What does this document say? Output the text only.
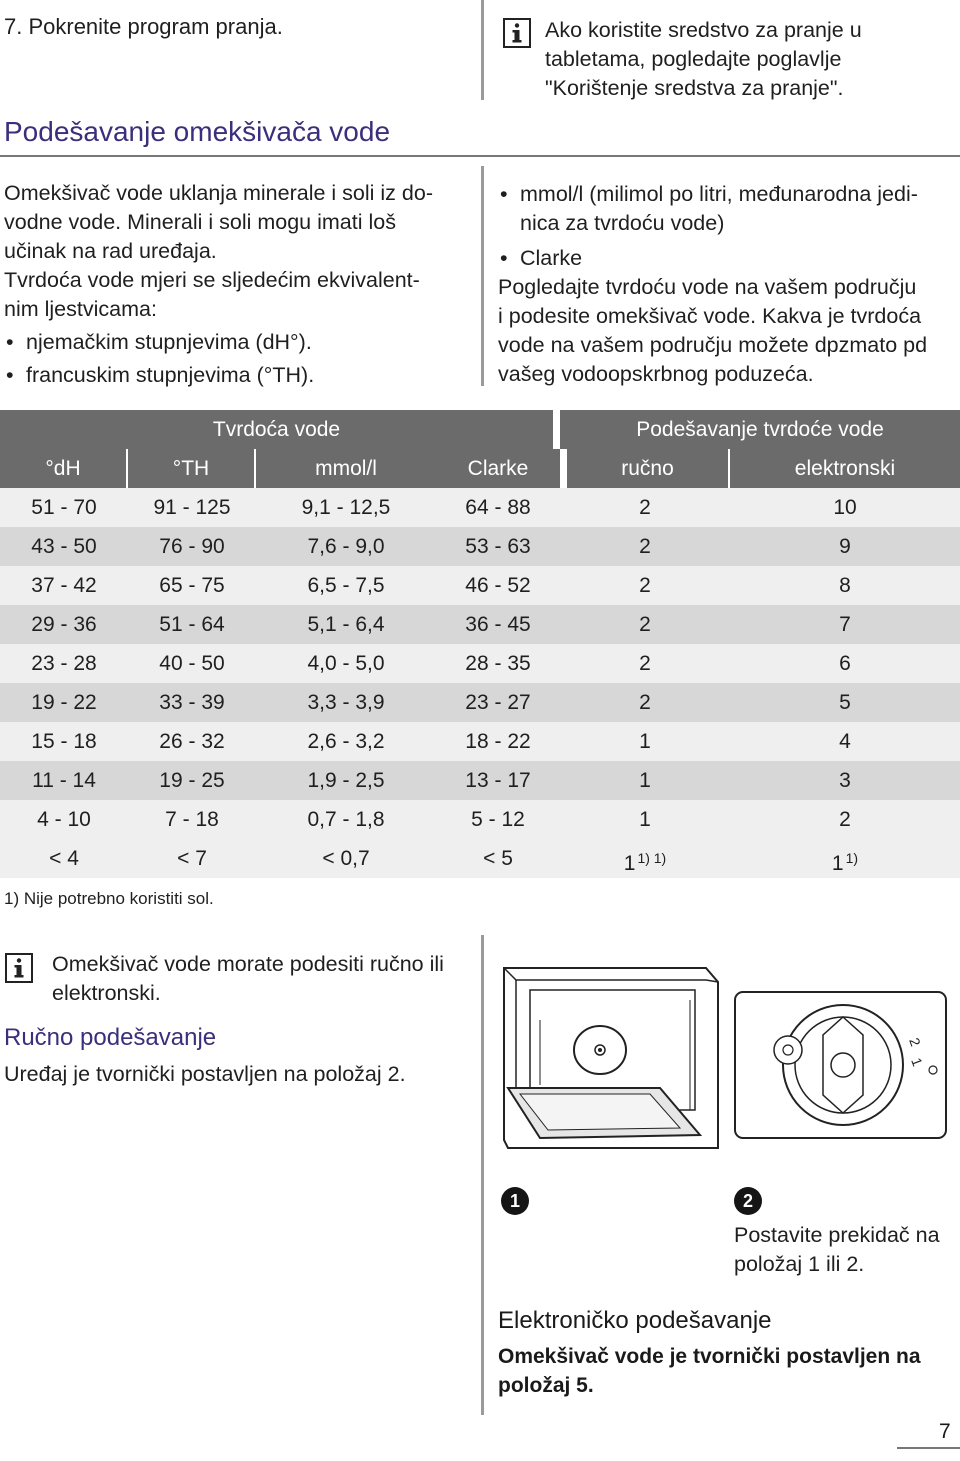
7. Pokrenite program pranja.
Podešavanje omekšivača vode
Ako koristite sredstvo za pranje u tabletama, pogledajte poglavlje "Korištenje sredstva za pranje".
Omekšivač vode uklanja minerale i soli iz do-
vodne vode. Minerali i soli mogu imati loš
učinak na rad uređaja.
Tvrdoća vode mjeri se sljedećim ekvivalent-
nim ljestvicama:
• njemačkim stupnjevima (dH°).
• francuskim stupnjevima (°TH).
• mmol/l (milimol po litri, međunarodna jedi-
nica za tvrdoću vode)
• Clarke
Pogledajte tvrdoću vode na vašem području
i podesite omekšivač vode. Kakva je tvrdoća
vode na vašem području možete dpzmato pd
vašeg vodoopskrbnog poduzeća.
Tvrdoća vode	Podešavanje tvrdoće vode
°dH	°TH	mmol/l	Clarke	ručno	elektronski
51 - 70	91 - 125	9,1 - 12,5	64 - 88	2	10
43 - 50	76 - 90	7,6 - 9,0	53 - 63	2	9
37 - 42	65 - 75	6,5 - 7,5	46 - 52	2	8
29 - 36	51 - 64	5,1 - 6,4	36 - 45	2	7
23 - 28	40 - 50	4,0 - 5,0	28 - 35	2	6
19 - 22	33 - 39	3,3 - 3,9	23 - 27	2	5
15 - 18	26 - 32	2,6 - 3,2	18 - 22	1	4
11 - 14	19 - 25	1,9 - 2,5	13 - 17	1	3
4 - 10	7 - 18	0,7 - 1,8	5 - 12	1	2
< 4	< 7	< 0,7	< 5	1 $^{1) 1)}$	1 $^{1)}$
1) Nije potrebno koristiti sol.
Omekšivač vode morate podesiti ručno ili elektronski.
Ručno podešavanje
Uređaj je tvornički postavljen na položaj 2.
1
2
1
2
Postavite prekidač na položaj 1 ili 2.
Elektroničko podešavanje
Omekšivač vode je tvornički postavljen na položaj 5.
7
